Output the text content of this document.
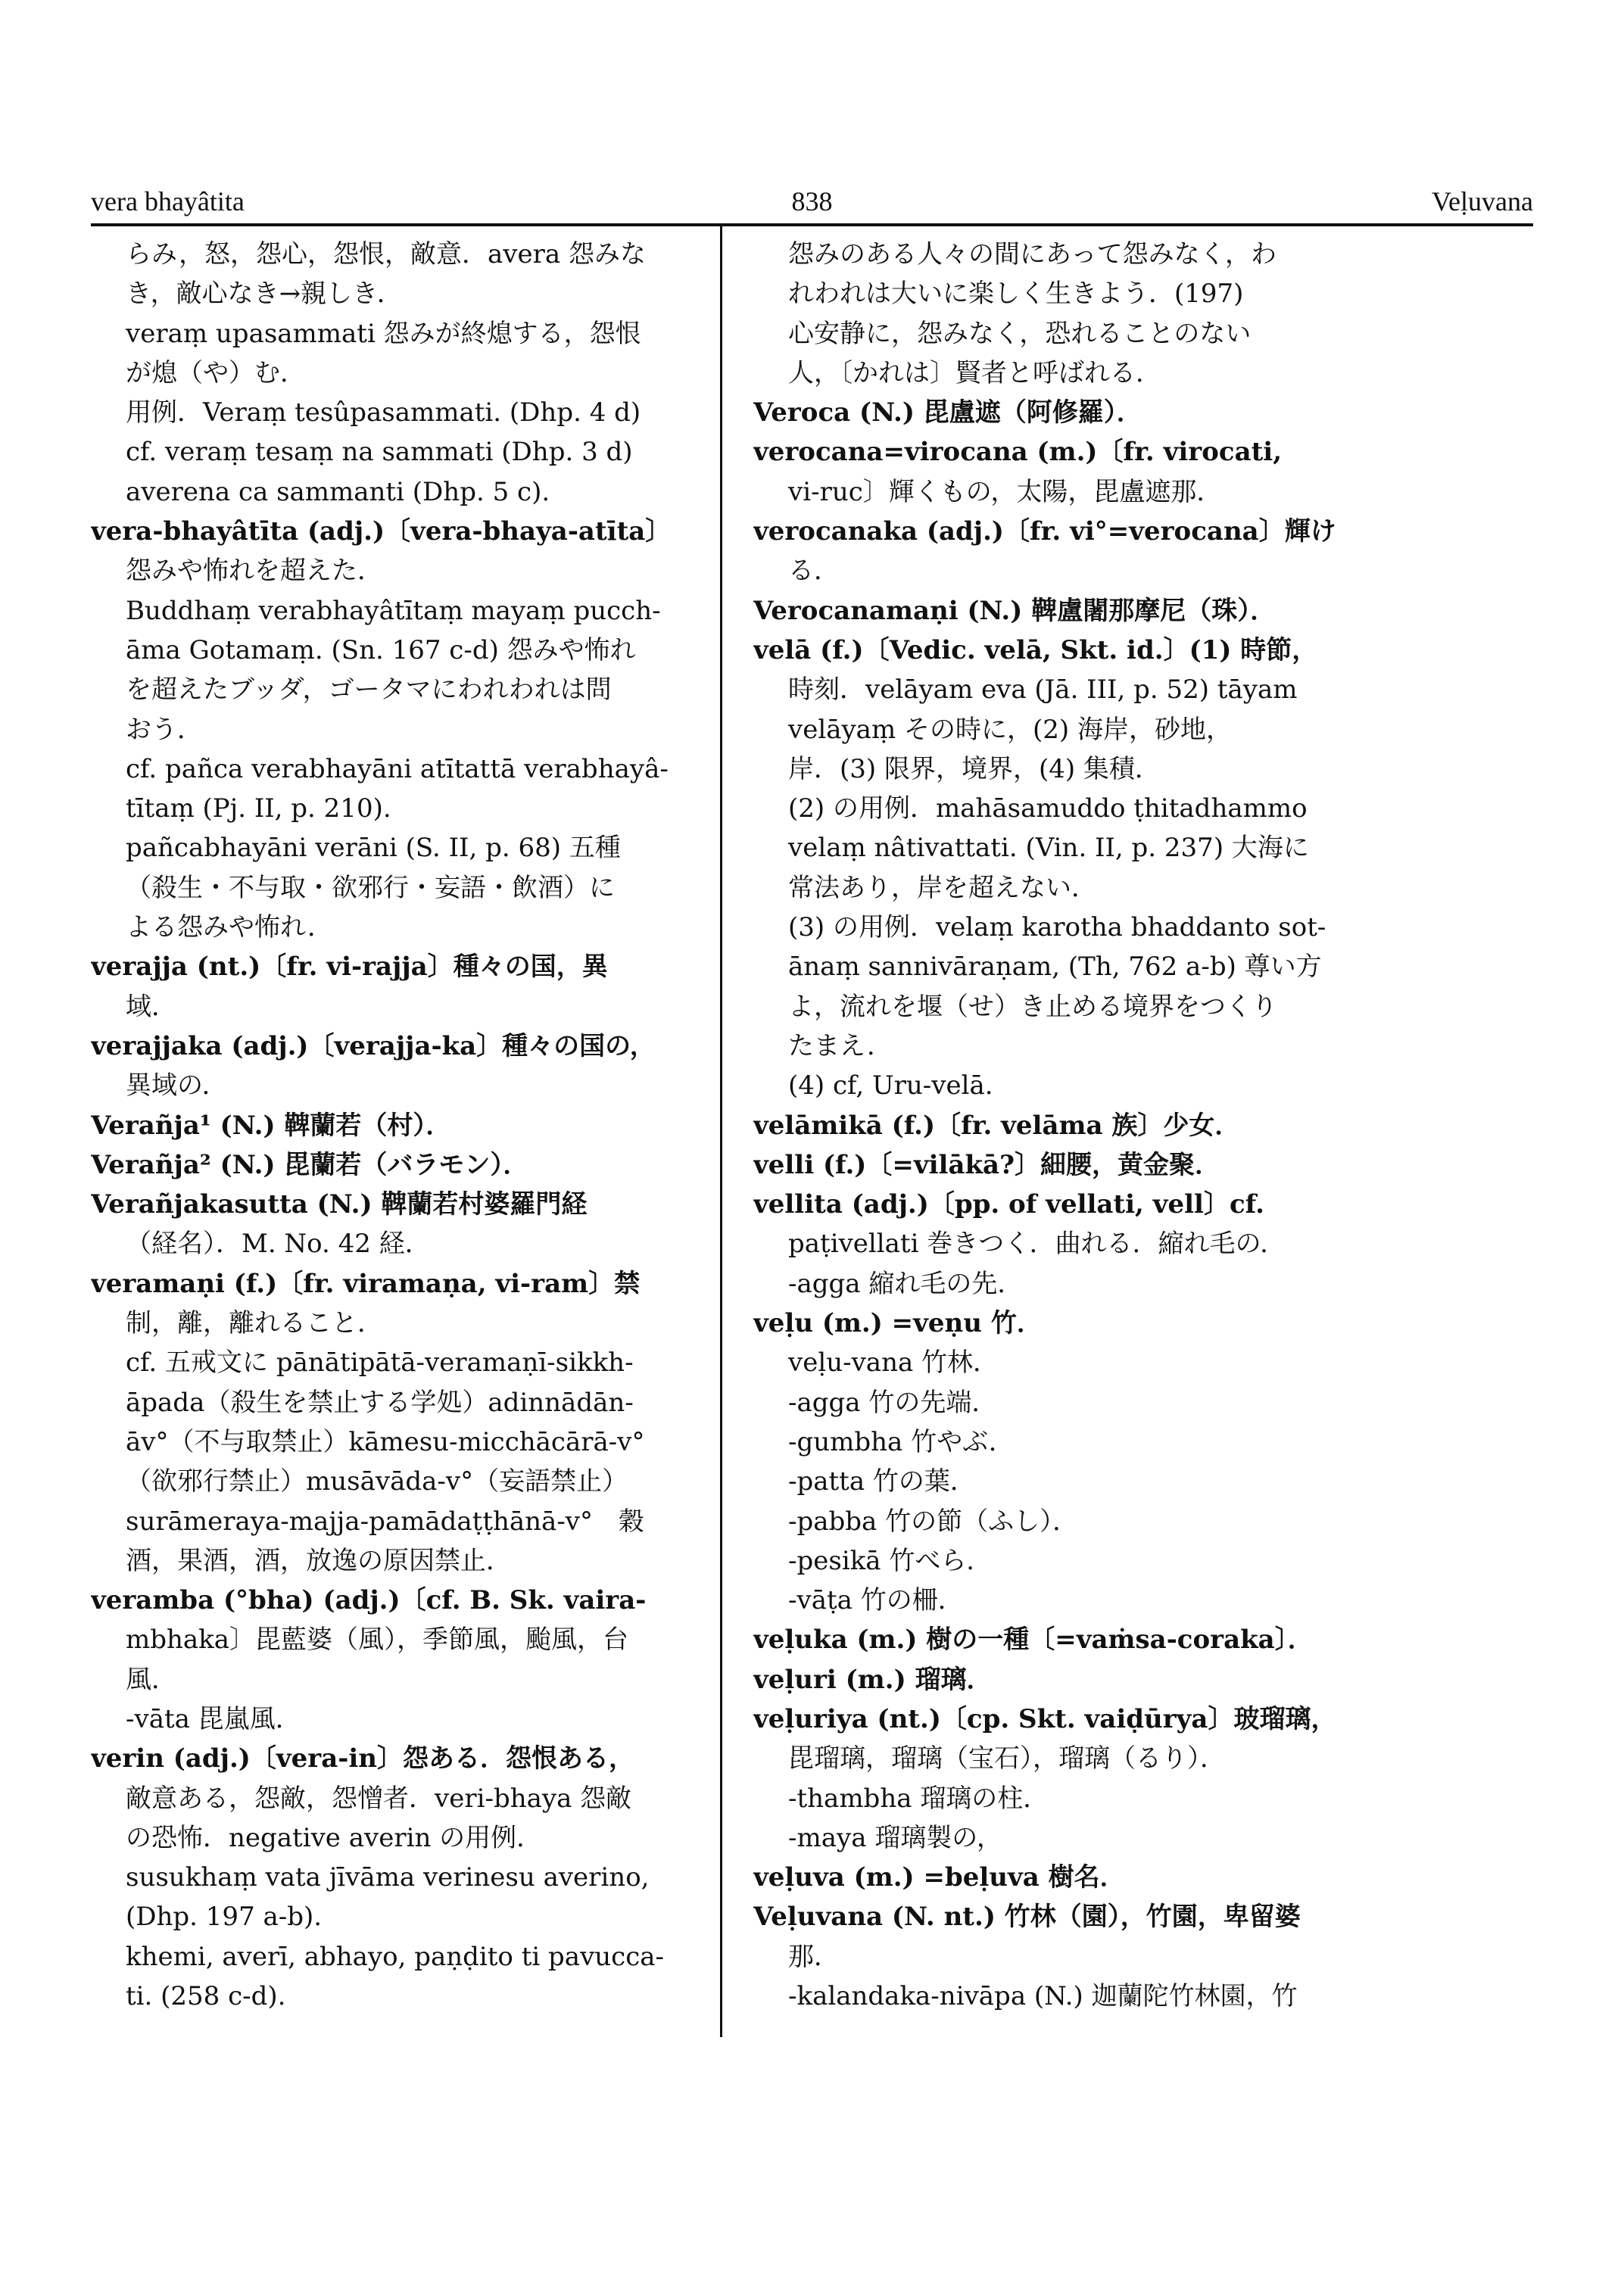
vera bhayâtita	838	Veḷuvana
らみ，怒，怨心，怨恨，敵意．avera 怨みな
き，敵心なき→親しき．
veraṃ upasammati 怨みが終熄する，怨恨
が熄（や）む．
用例．Veraṃ tesûpasammati. (Dhp. 4 d)
cf. veraṃ tesaṃ na sammati (Dhp. 3 d)
averena ca sammanti (Dhp. 5 c).
vera-bhayâtīta (adj.)〔vera-bhaya-atīta〕
怨みや怖れを超えた．
Buddhaṃ verabhayâtītaṃ mayaṃ pucch-
āma Gotamaṃ. (Sn. 167 c-d) 怨みや怖れ
を超えたブッダ，ゴータマにわれわれは問
おう．
cf. pañca verabhayāni atītattā verabhayâ-
tītaṃ (Pj. II, p. 210).
pañcabhayāni verāni (S. II, p. 68) 五種
（殺生・不与取・欲邪行・妄語・飲酒）に
よる怨みや怖れ．
verajja (nt.)〔fr. vi-rajja〕種々の国，異
域．
verajjaka (adj.)〔verajja-ka〕種々の国の，
異域の．
Verañja¹ (N.) 鞞蘭若（村）．
Verañja² (N.) 毘蘭若（バラモン）．
Verañjakasutta (N.) 鞞蘭若村婆羅門経
（経名）．M. No. 42 経．
veramaṇi (f.)〔fr. viramaṇa, vi-ram〕禁
制，離，離れること．
cf. 五戒文に pānātipātā-veramaṇī-sikkh-
āpada（殺生を禁止する学処）adinnādān-
āv°（不与取禁止）kāmesu-micchācārā-v°
（欲邪行禁止）musāvāda-v°（妄語禁止）
surāmeraya-majja-pamādaṭṭhānā-v°　穀
酒，果酒，酒，放逸の原因禁止．
veramba (°bha) (adj.)〔cf. B. Sk. vaira-
mbhaka〕毘藍婆（風），季節風，颱風，台
風．
-vāta 毘嵐風．
verin (adj.)〔vera-in〕怨ある．怨恨ある，
敵意ある，怨敵，怨憎者．veri-bhaya 怨敵
の恐怖．negative averin の用例．
susukhaṃ vata jīvāma verinesu averino,
(Dhp. 197 a-b).
khemi, averī, abhayo, paṇḍito ti pavucca-
ti. (258 c-d).
怨みのある人々の間にあって怨みなく，わ
れわれは大いに楽しく生きよう．(197)
心安静に，怨みなく，恐れることのない
人，〔かれは〕賢者と呼ばれる．
Veroca (N.) 毘盧遮（阿修羅）．
verocana=virocana (m.)〔fr. virocati,
vi-ruc〕輝くもの，太陽，毘盧遮那．
verocanaka (adj.)〔fr. vi°=verocana〕輝け
る．
Verocanamaṇi (N.) 鞞盧闍那摩尼（珠）．
velā (f.)〔Vedic. velā, Skt. id.〕(1) 時節，
時刻．velāyam eva (Jā. III, p. 52) tāyam
velāyaṃ その時に，(2) 海岸，砂地，
岸．(3) 限界，境界，(4) 集積．
(2) の用例．mahāsamuddo ṭhitadhammo
velaṃ nâtivattati. (Vin. II, p. 237) 大海に
常法あり，岸を超えない．
(3) の用例．velaṃ karotha bhaddanto sot-
ānaṃ sannivāraṇam, (Th, 762 a-b) 尊い方
よ，流れを堰（せ）き止める境界をつくり
たまえ．
(4) cf, Uru-velā.
velāmikā (f.)〔fr. velāma 族〕少女．
velli (f.)〔=vilākā?〕細腰，黄金聚．
vellita (adj.)〔pp. of vellati, vell〕cf.
paṭivellati 巻きつく．曲れる．縮れ毛の．
-agga 縮れ毛の先．
veḷu (m.) =veṇu 竹．
veḷu-vana 竹林．
-agga 竹の先端．
-gumbha 竹やぶ．
-patta 竹の葉．
-pabba 竹の節（ふし）．
-pesikā 竹べら．
-vāṭa 竹の柵．
veḷuka (m.) 樹の一種〔=vaṁsa-coraka〕．
veḷuri (m.) 瑠璃．
veḷuriya (nt.)〔cp. Skt. vaiḍūrya〕玻瑠璃，
毘瑠璃，瑠璃（宝石），瑠璃（るり）．
-thambha 瑠璃の柱．
-maya 瑠璃製の，
veḷuva (m.) =beḷuva 樹名．
Veḷuvana (N. nt.) 竹林（園），竹園，卑留婆
那．
-kalandaka-nivāpa (N.) 迦蘭陀竹林園，竹
